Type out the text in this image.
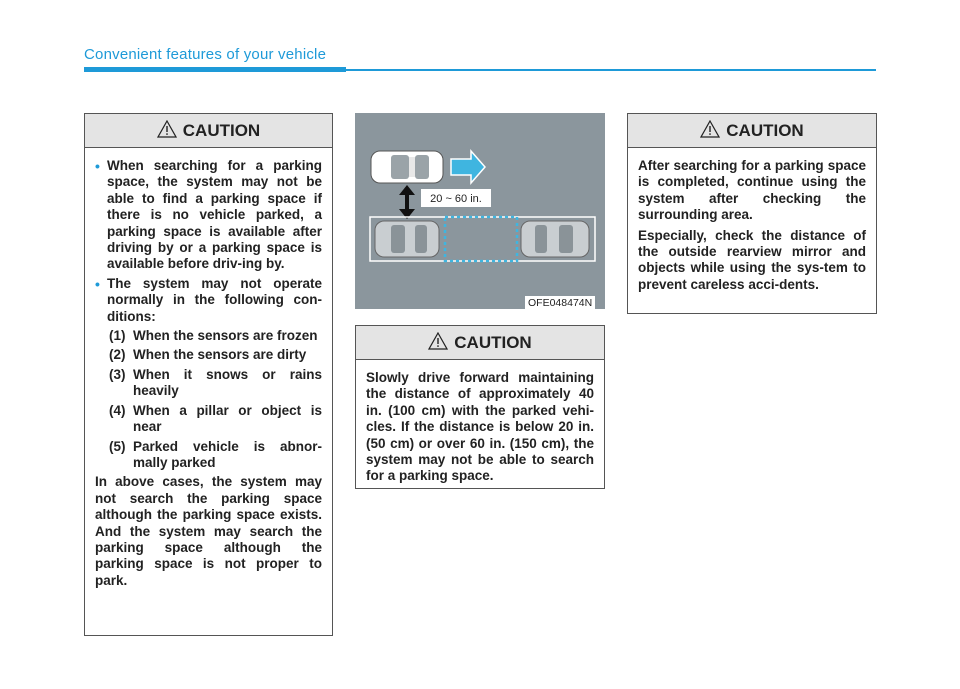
Convenient features of your vehicle
CAUTION
• When searching for a parking space, the system may not be able to find a parking space if there is no vehicle parked, a parking space is available after driving by or a parking space is available before driv-ing by.
• The system may not operate normally in the following con-ditions:
(1) When the sensors are frozen
(2) When the sensors are dirty
(3) When it snows or rains heavily
(4) When a pillar or object is near
(5) Parked vehicle is abnor-mally parked

In above cases, the system may not search the parking space although the parking space exists. And the system may search the parking space although the parking space is not proper to park.

20 ~ 60 in.
OFE048474N
CAUTION

Slowly drive forward maintaining the distance of approximately 40 in. (100 cm) with the parked vehi-cles. If the distance is below 20 in. (50 cm) or over 60 in. (150 cm), the system may not be able to search for a parking space.

CAUTION

After searching for a parking space is completed, continue using the system after checking the surrounding area.

Especially, check the distance of the outside rearview mirror and objects while using the sys-tem to prevent careless acci-dents.
